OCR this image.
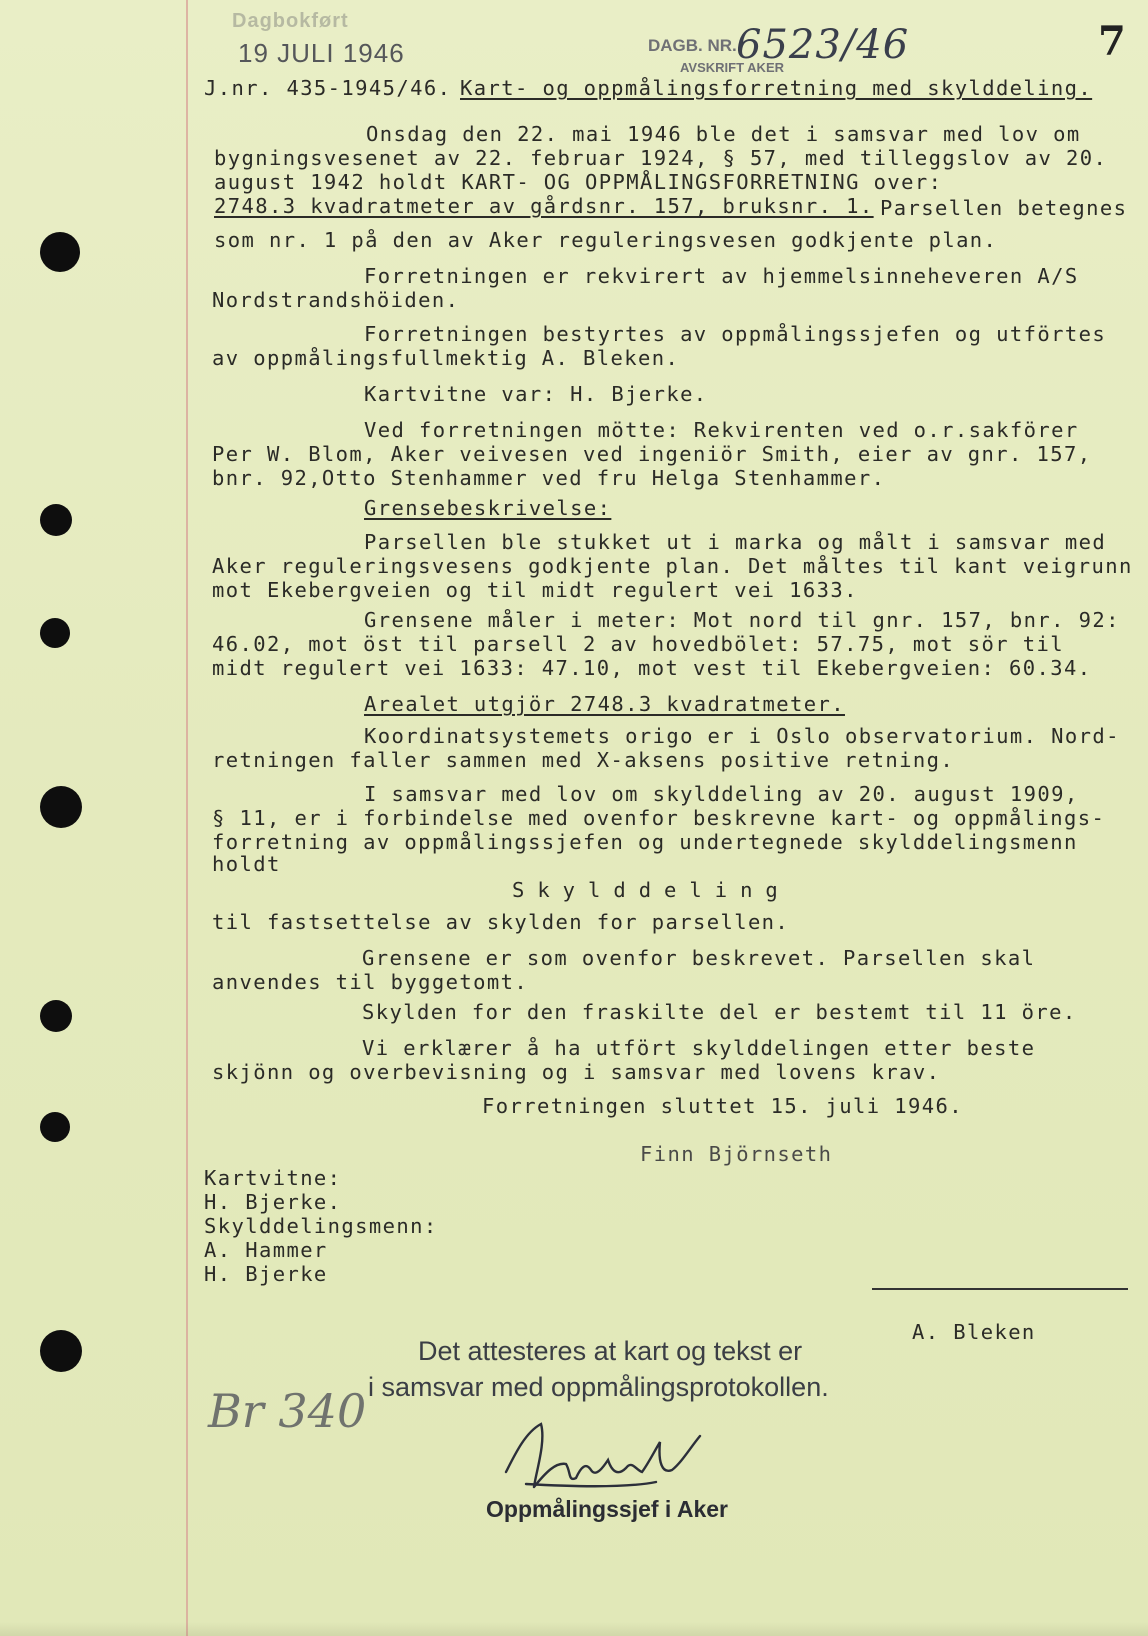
Dagbokført
19 JULI 1946	DAGB. NR. 6523/46
AVSKRIFT AKER
7
J.nr. 435-1945/46. Kart- og oppmålingsforretning med skylddeling.
Onsdag den 22. mai 1946 ble det i samsvar med lov om
bygningsvesenet av 22. februar 1924, § 57, med tilleggslov av 20.
august 1942 holdt KART- OG OPPMÅLINGSFORRETNING over:
2748.3 kvadratmeter av gårdsnr. 157, bruksnr. 1. Parsellen betegnes
som nr. 1 på den av Aker reguleringsvesen godkjente plan.
Forretningen er rekvirert av hjemmelsinneheveren A/S
Nordstrandshöiden.
Forretningen bestyrtes av oppmålingssjefen og utförtes
av oppmålingsfullmektig A. Bleken.
Kartvitne var: H. Bjerke.
Ved forretningen mötte: Rekvirenten ved o.r.sakförer
Per W. Blom, Aker veivesen ved ingeniör Smith, eier av gnr. 157,
bnr. 92,Otto Stenhammer ved fru Helga Stenhammer.
Grensebeskrivelse:
Parsellen ble stukket ut i marka og målt i samsvar med
Aker reguleringsvesens godkjente plan. Det måltes til kant veigrunn
mot Ekebergveien og til midt regulert vei 1633.
Grensene måler i meter: Mot nord til gnr. 157, bnr. 92:
46.02, mot öst til parsell 2 av hovedbölet: 57.75, mot sör til
midt regulert vei 1633: 47.10, mot vest til Ekebergveien: 60.34.
Arealet utgjör 2748.3 kvadratmeter.
Koordinatsystemets origo er i Oslo observatorium. Nord-
retningen faller sammen med X-aksens positive retning.
I samsvar med lov om skylddeling av 20. august 1909,
§ 11, er i forbindelse med ovenfor beskrevne kart- og oppmålings-
forretning av oppmålingssjefen og undertegnede skylddelingsmenn
holdt
Skylddeling
til fastsettelse av skylden for parsellen.
Grensene er som ovenfor beskrevet. Parsellen skal
anvendes til byggetomt.
Skylden for den fraskilte del er bestemt til 11 öre.
Vi erklærer å ha utfört skylddelingen etter beste
skjönn og overbevisning og i samsvar med lovens krav.
Forretningen sluttet 15. juli 1946.
Finn Björnseth
Kartvitne:
H. Bjerke.
Skylddelingsmenn:
A. Hammer
H. Bjerke
A. Bleken
Det attesteres at kart og tekst er
i samsvar med oppmålingsprotokollen.
Br 340
Oppmålingssjef i Aker
